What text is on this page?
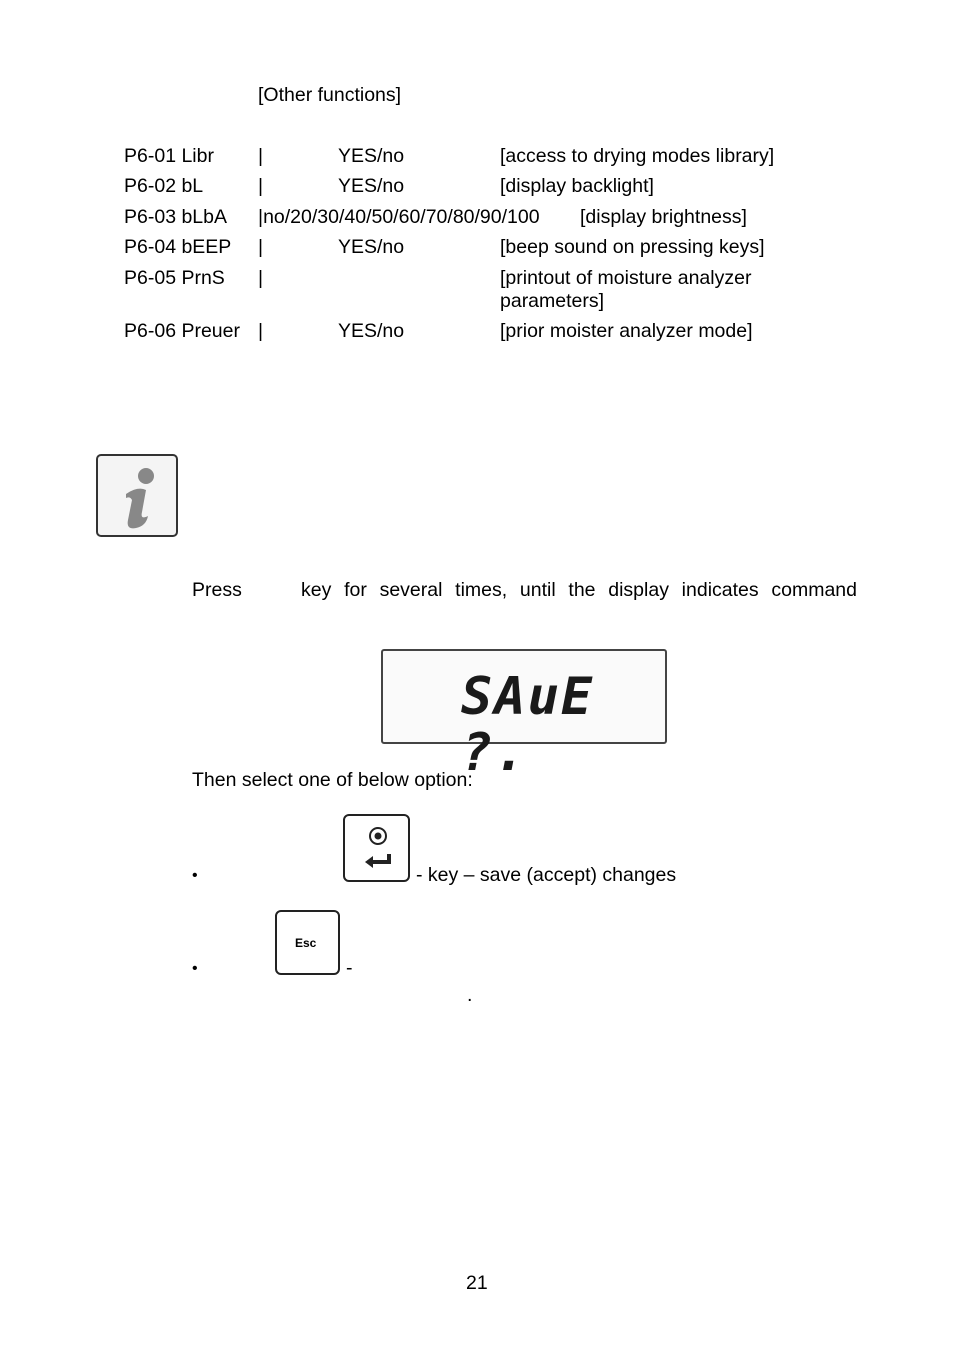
[Other functions]
P6-01 Libr |	YES/no	[access to drying modes library]
P6-02 bL	|	YES/no	[display backlight]
P6-03 bLbA |no/20/30/40/50/60/70/80/90/100 [display brightness]
P6-04 bEEP |	YES/no	[beep sound on pressing keys]
P6-05 PrnS |	[printout of moisture analyzer
parameters]
P6-06 Preuer |	YES/no	[prior moister analyzer mode]
Press	key for several times, until the display indicates command
SAuE ?.
Then select one of below option:
•	- key – save (accept) changes
•
Esc
-
.
21
